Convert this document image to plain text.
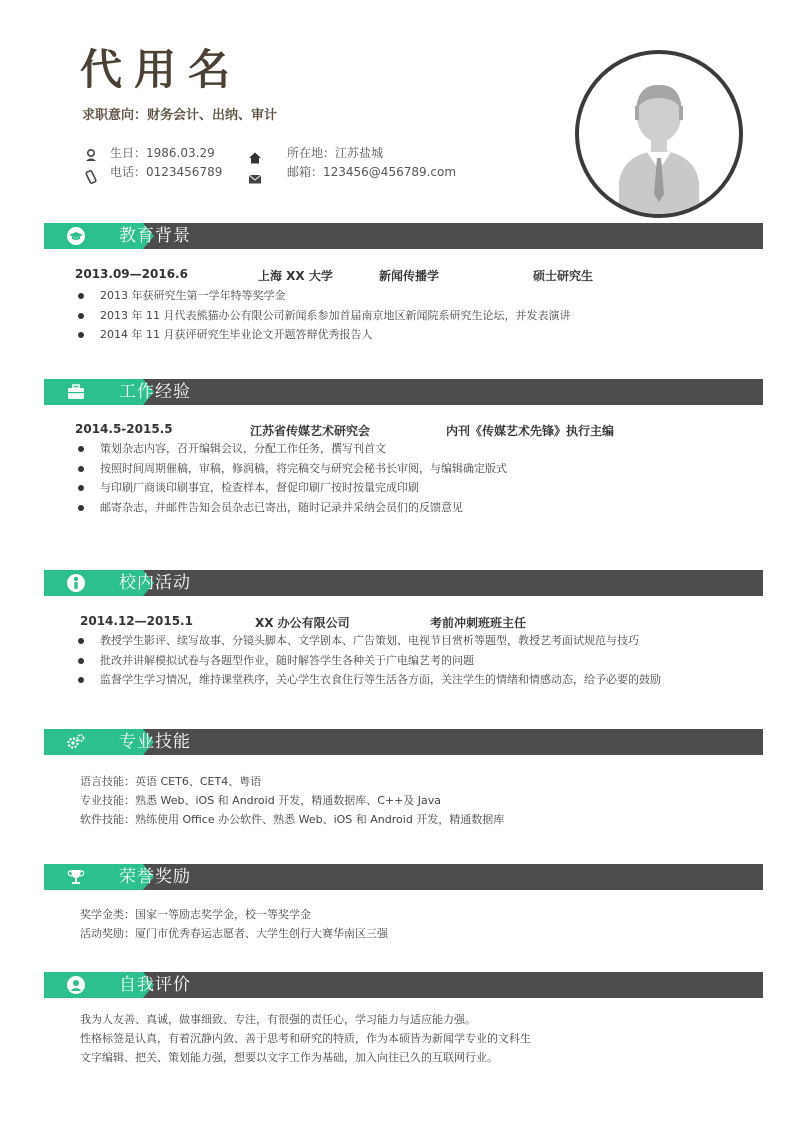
代用名
求职意向：财务会计、出纳、审计
生日：1986.03.29
电话：0123456789
所在地：江苏盐城
邮箱：123456@456789.com
教育背景
2013.09—2016.6	上海 XX 大学	新闻传播学	硕士研究生
2013 年获研究生第一学年特等奖学金
2013 年 11 月代表熊猫办公有限公司新闻系参加首届南京地区新闻院系研究生论坛，并发表演讲
2014 年 11 月获评研究生毕业论文开题答辩优秀报告人
工作经验
2014.5-2015.5	江苏省传媒艺术研究会	内刊《传媒艺术先锋》执行主编
策划杂志内容，召开编辑会议，分配工作任务，撰写刊首文
按照时间周期催稿，审稿，修润稿，将完稿交与研究会秘书长审阅，与编辑确定版式
与印刷厂商谈印刷事宜，检查样本，督促印刷厂按时按量完成印刷
邮寄杂志，并邮件告知会员杂志已寄出，随时记录并采纳会员们的反馈意见
校内活动
2014.12—2015.1	XX 办公有限公司	考前冲刺班班主任
教授学生影评、续写故事、分镜头脚本、文学剧本、广告策划、电视节目赏析等题型，教授艺考面试规范与技巧
批改并讲解模拟试卷与各题型作业，随时解答学生各种关于广电编艺考的问题
监督学生学习情况，维持课堂秩序，关心学生衣食住行等生活各方面，关注学生的情绪和情感动态，给予必要的鼓励
专业技能
语言技能：英语 CET6、CET4、粤语
专业技能：熟悉 Web、iOS 和 Android 开发，精通数据库、C++及 Java
软件技能：熟练使用 Office 办公软件、熟悉 Web、iOS 和 Android 开发，精通数据库
荣誉奖励
奖学金类：国家一等励志奖学金，校一等奖学金
活动奖励：厦门市优秀春运志愿者、大学生创行大赛华南区三强
自我评价
我为人友善、真诚，做事细致、专注，有很强的责任心，学习能力与适应能力强。
性格标签是认真，有着沉静内敛、善于思考和研究的特质，作为本硕皆为新闻学专业的文科生
文字编辑、把关、策划能力强，想要以文字工作为基础，加入向往已久的互联网行业。
